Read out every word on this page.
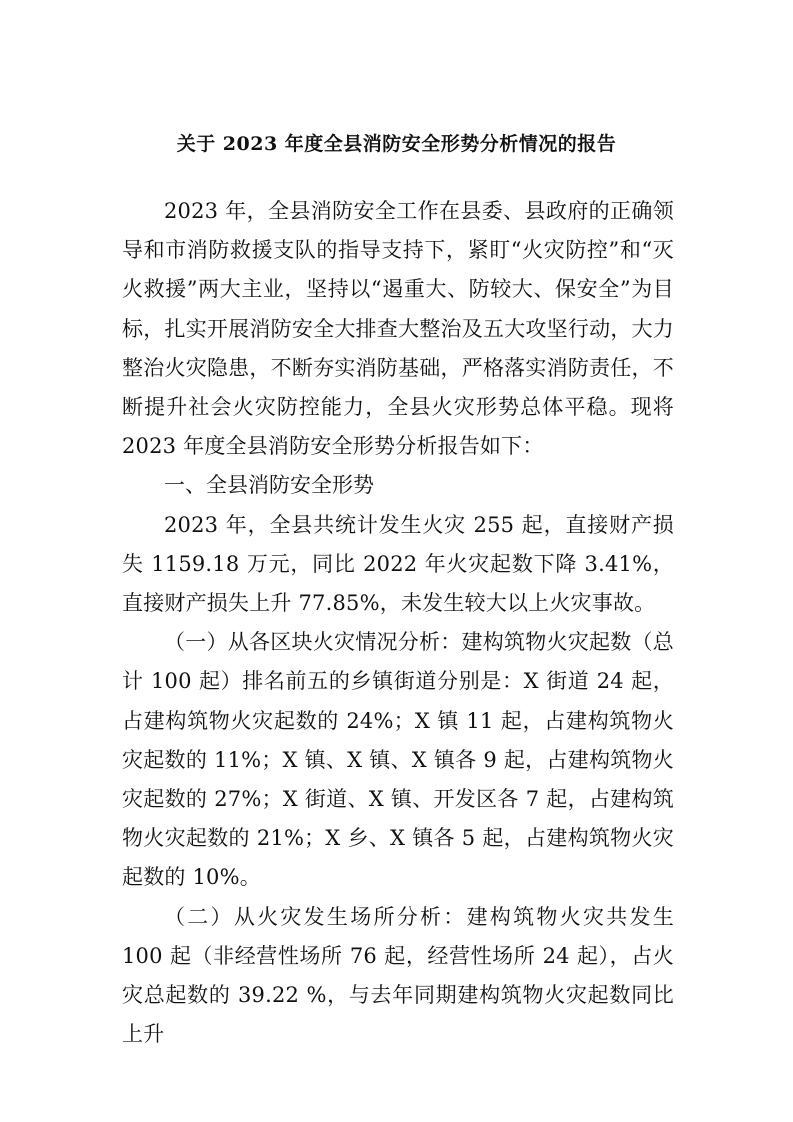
关于 2023 年度全县消防安全形势分析情况的报告

2023 年，全县消防安全工作在县委、县政府的正确领导和市消防救援支队的指导支持下，紧盯“火灾防控”和“灭火救援”两大主业，坚持以“遏重大、防较大、保安全”为目标，扎实开展消防安全大排查大整治及五大攻坚行动，大力整治火灾隐患，不断夯实消防基础，严格落实消防责任，不断提升社会火灾防控能力，全县火灾形势总体平稳。现将 2023 年度全县消防安全形势分析报告如下：

一、全县消防安全形势

2023 年，全县共统计发生火灾 255 起，直接财产损失 1159.18 万元，同比 2022 年火灾起数下降 3.41%，直接财产损失上升 77.85%，未发生较大以上火灾事故。

（一）从各区块火灾情况分析：建构筑物火灾起数（总计 100 起）排名前五的乡镇街道分别是：X 街道 24 起，占建构筑物火灾起数的 24%；X 镇 11 起，占建构筑物火灾起数的 11%；X 镇、X 镇、X 镇各 9 起，占建构筑物火灾起数的 27%；X 街道、X 镇、开发区各 7 起，占建构筑物火灾起数的 21%；X 乡、X 镇各 5 起，占建构筑物火灾起数的 10%。

（二）从火灾发生场所分析：建构筑物火灾共发生 100 起（非经营性场所 76 起，经营性场所 24 起），占火灾总起数的 39.22 %，与去年同期建构筑物火灾起数同比上升
